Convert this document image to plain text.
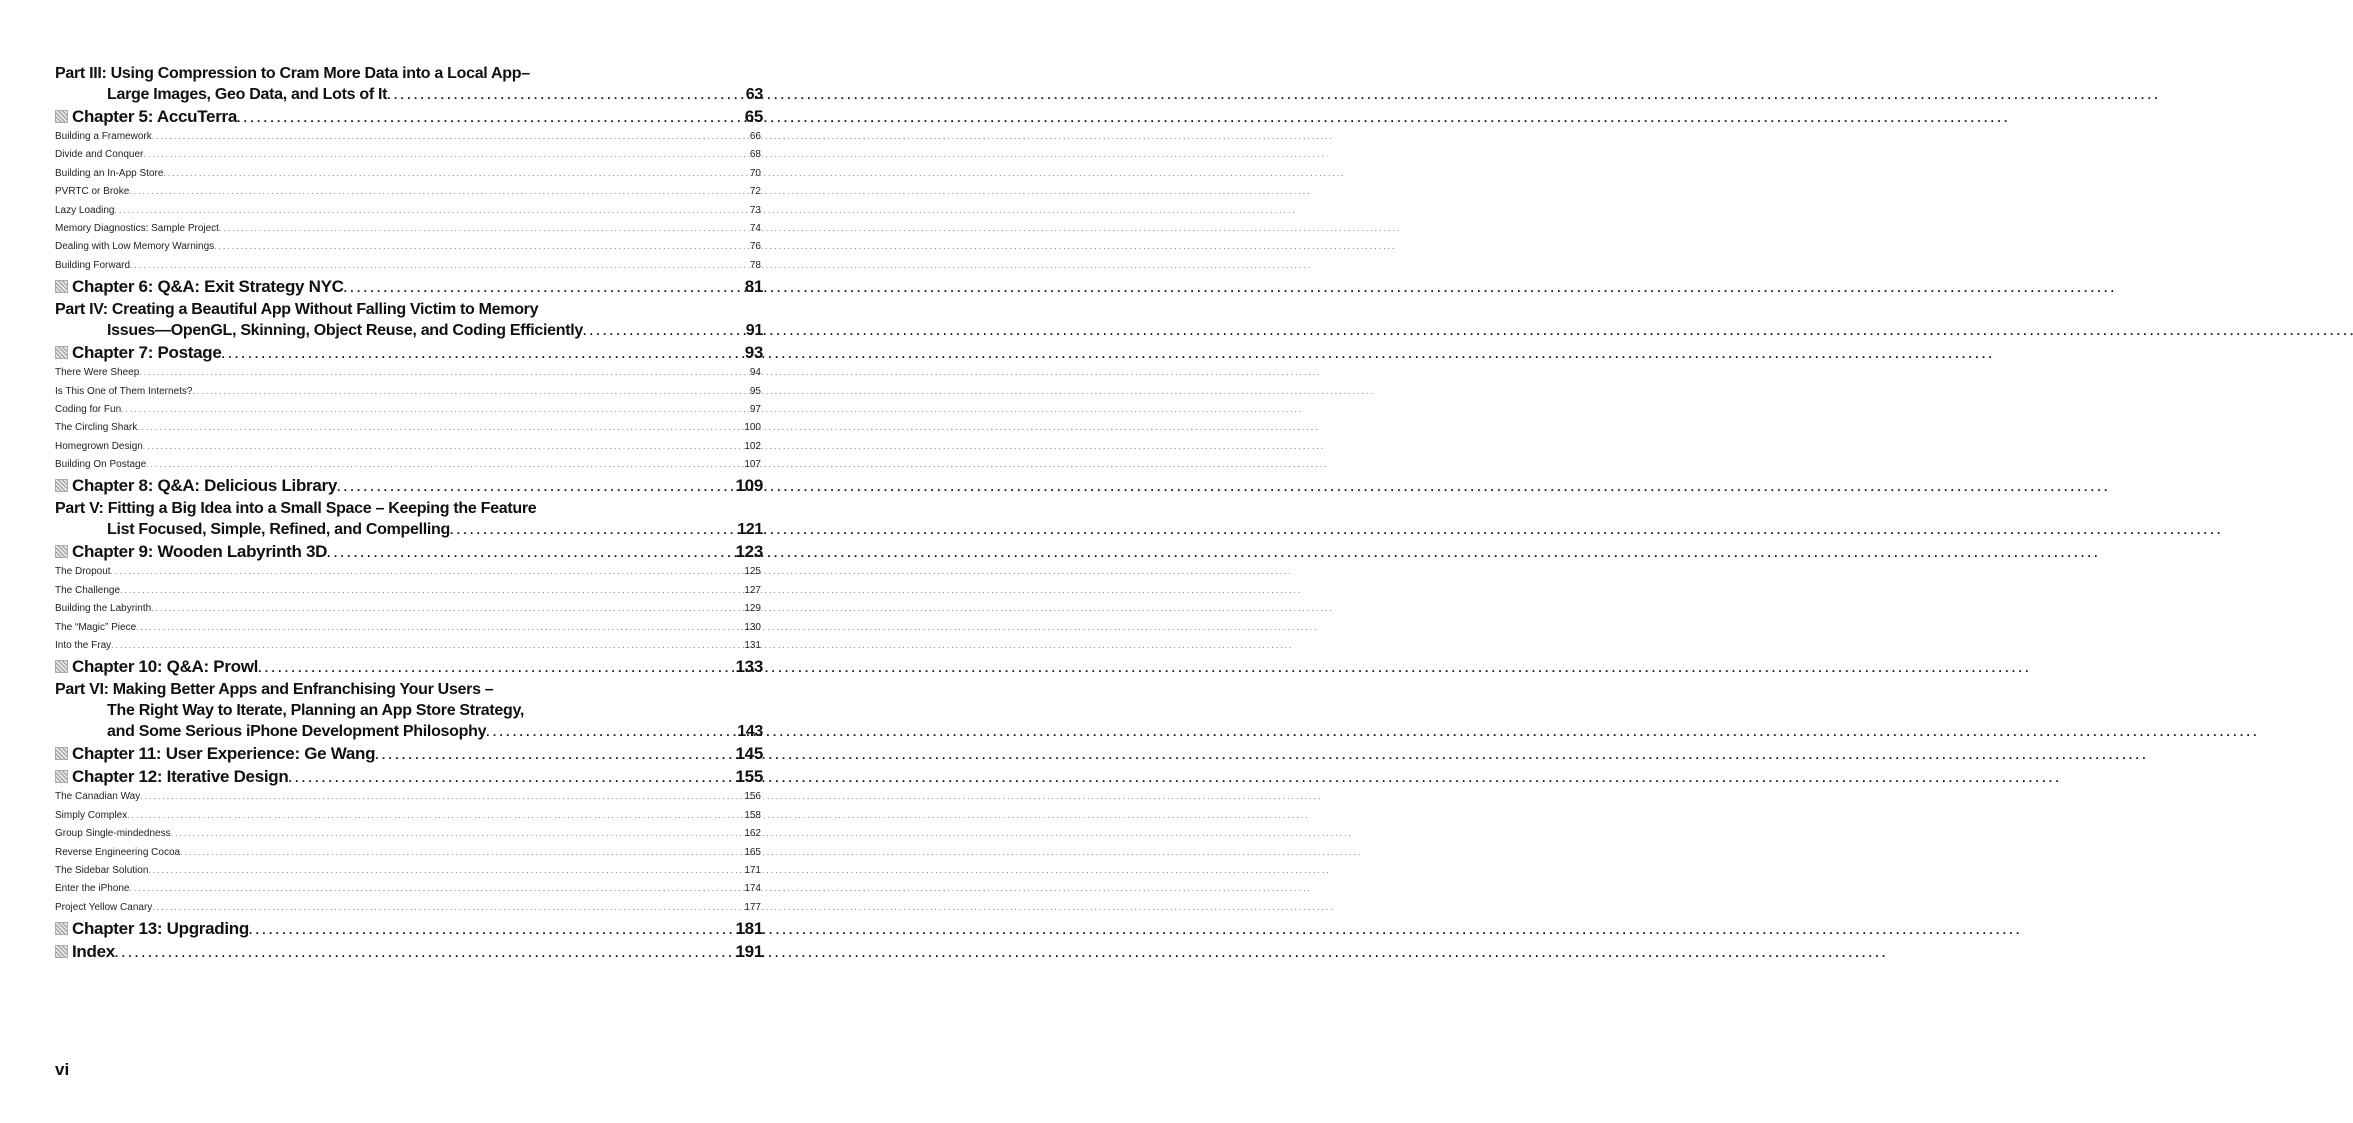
Part III: Using Compression to Cram More Data into a Local App–
Large Images, Geo Data, and Lots of It . . .	63
Chapter 5: AccuTerra . . .	65
Building a Framework . . .	66
Divide and Conquer . . .	68
Building an In-App Store . . .	70
PVRTC or Broke . . .	72
Lazy Loading . . .	73
Memory Diagnostics: Sample Project . . .	74
Dealing with Low Memory Warnings . . .	76
Building Forward . . .	78
Chapter 6: Q&A: Exit Strategy NYC . . .	81
Part IV: Creating a Beautiful App Without Falling Victim to Memory
Issues—OpenGL, Skinning, Object Reuse, and Coding Efficiently . . .	91
Chapter 7: Postage . . .	93
There Were Sheep . . .	94
Is This One of Them Internets? . . .	95
Coding for Fun . . .	97
The Circling Shark . . .	100
Homegrown Design . . .	102
Building On Postage . . .	107
Chapter 8: Q&A: Delicious Library . . .	109
Part V: Fitting a Big Idea into a Small Space – Keeping the Feature
List Focused, Simple, Refined, and Compelling . . .	121
Chapter 9: Wooden Labyrinth 3D . . .	123
The Dropout . . .	125
The Challenge . . .	127
Building the Labyrinth . . .	129
The “Magic” Piece . . .	130
Into the Fray . . .	131
Chapter 10: Q&A: Prowl . . .	133
Part VI: Making Better Apps and Enfranchising Your Users –
The Right Way to Iterate, Planning an App Store Strategy,
and Some Serious iPhone Development Philosophy . . .	143
Chapter 11: User Experience: Ge Wang . . .	145
Chapter 12: Iterative Design . . .	155
The Canadian Way . . .	156
Simply Complex . . .	158
Group Single-mindedness . . .	162
Reverse Engineering Cocoa . . .	165
The Sidebar Solution . . .	171
Enter the iPhone . . .	174
Project Yellow Canary . . .	177
Chapter 13: Upgrading . . .	181
Index . . .	191
vi
